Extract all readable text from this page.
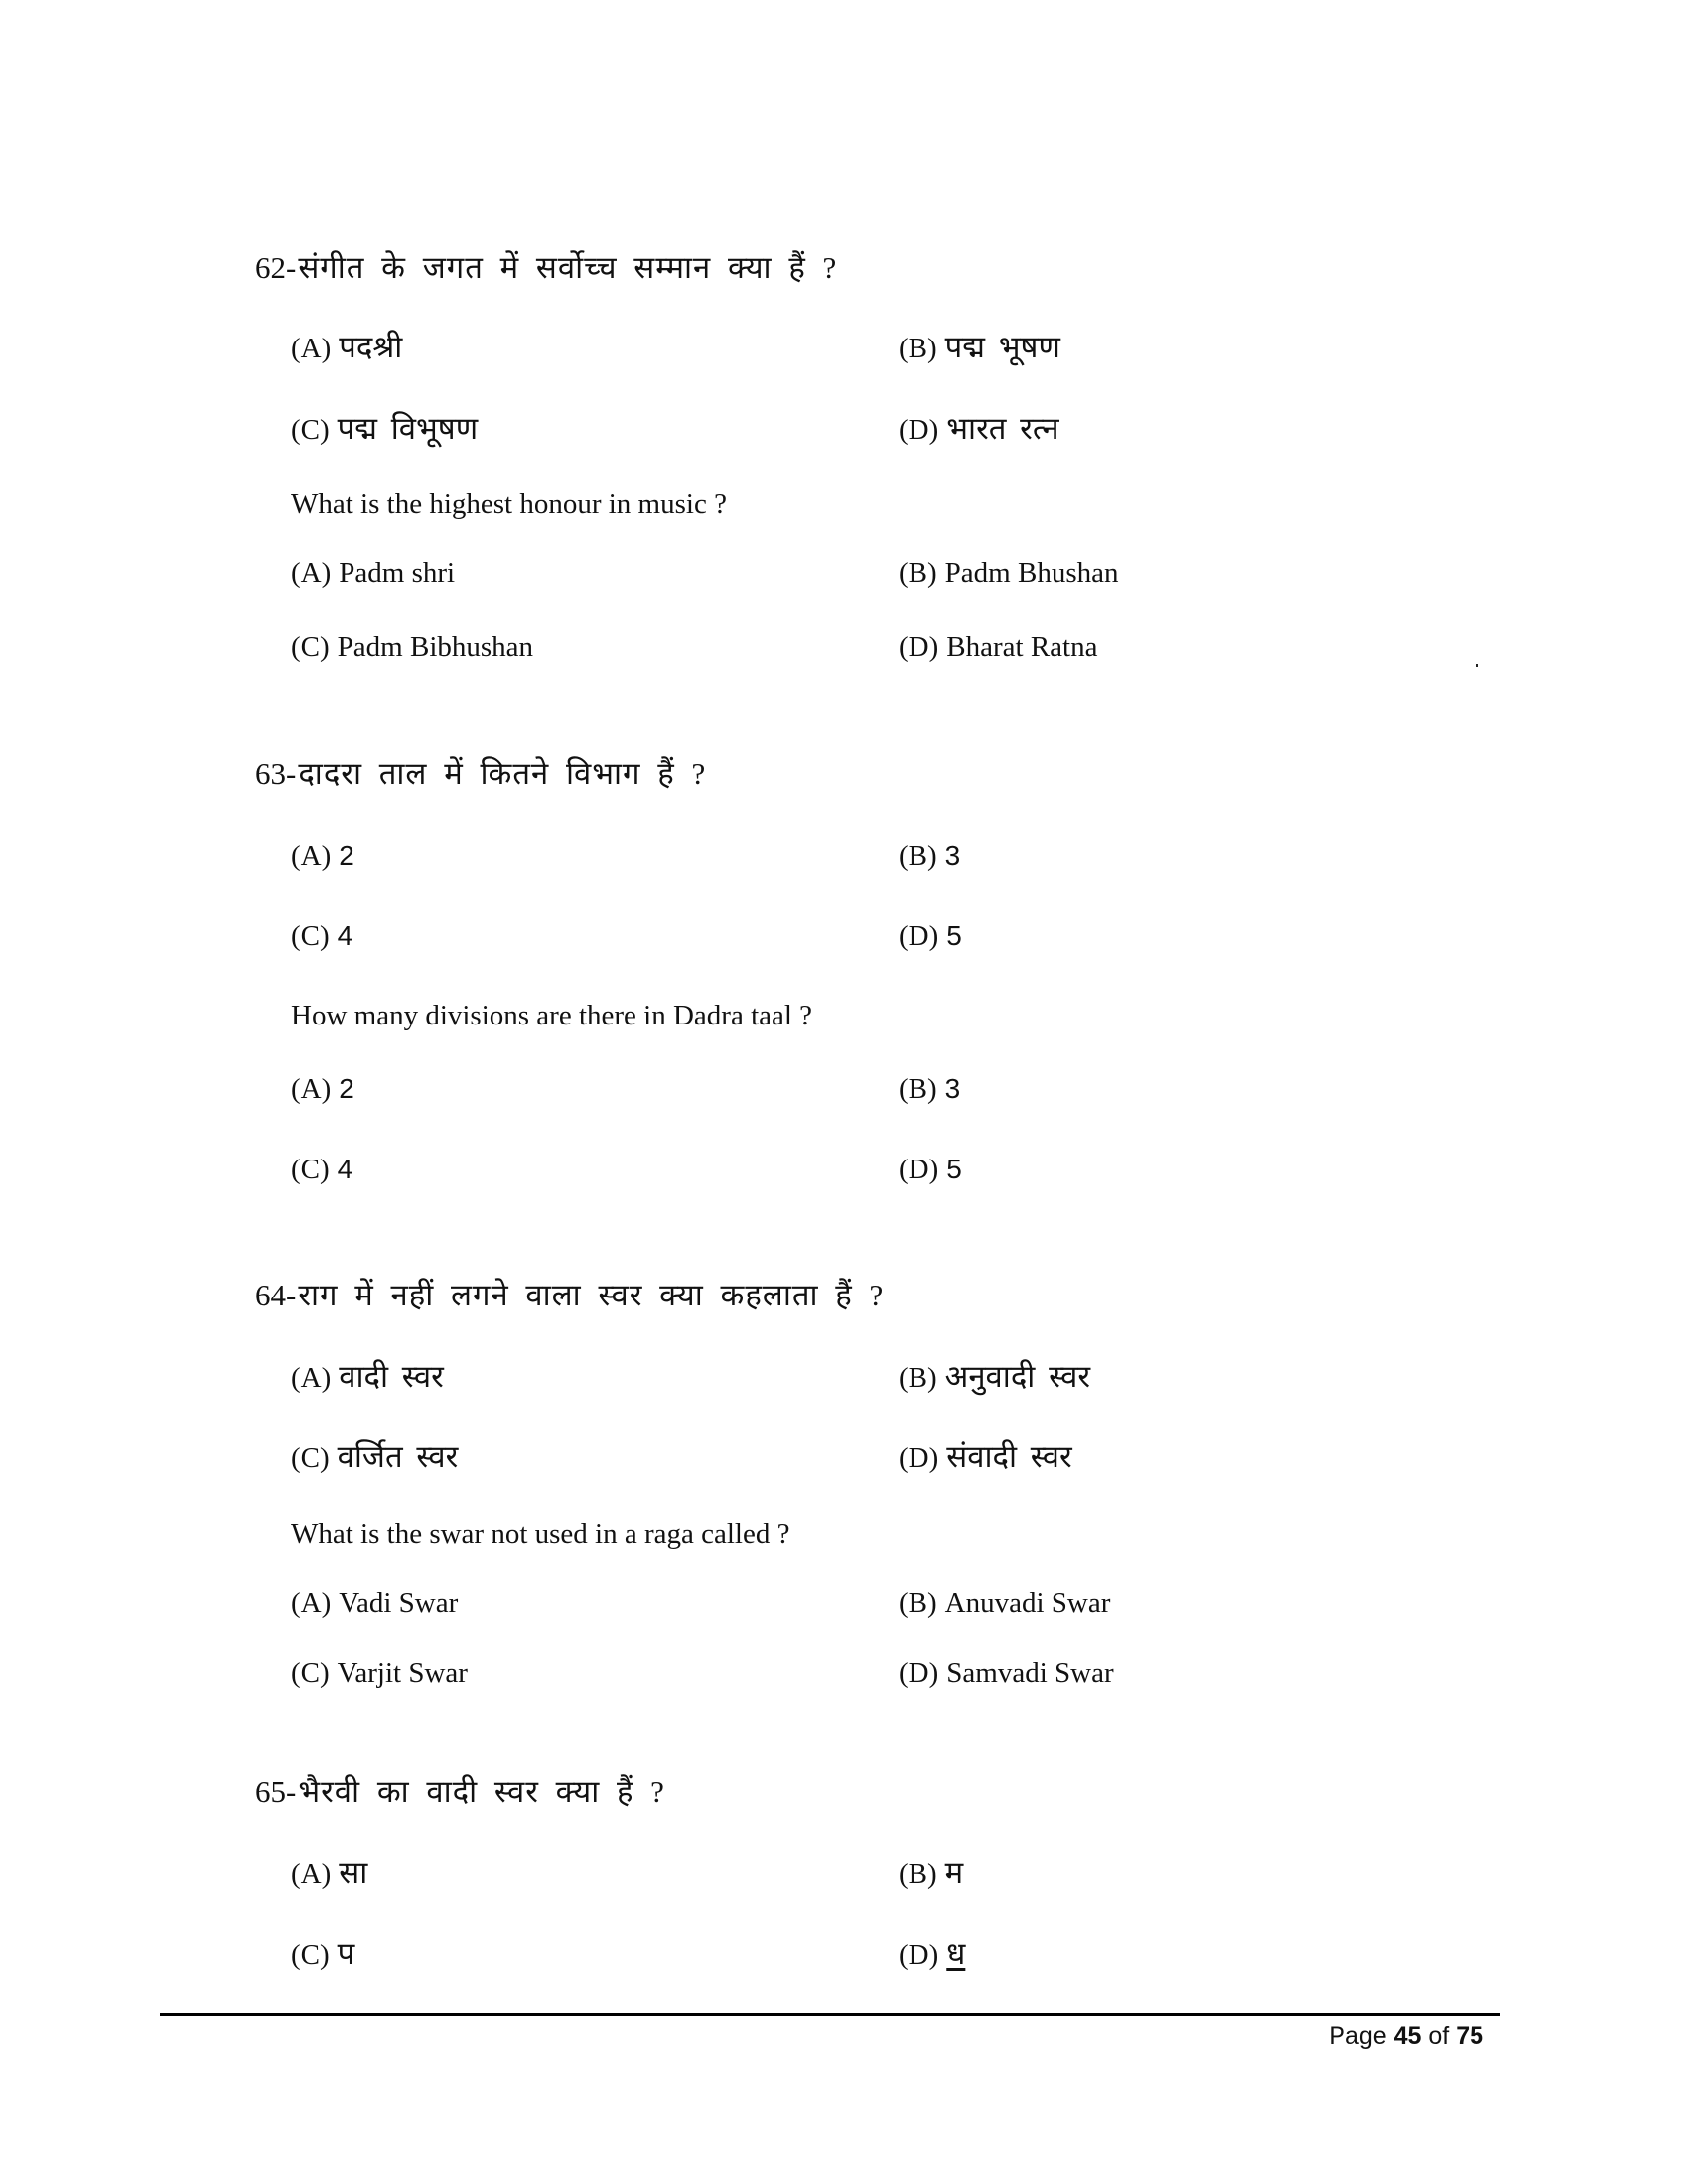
62-संगीत के जगत में सर्वोच्च सम्मान क्या हैं ?
(A) पदश्री	(B) पद्म भूषण
(C) पद्म विभूषण	(D) भारत रत्न
What is the highest honour in music ?
(A) Padm shri	(B) Padm Bhushan
(C) Padm Bibhushan	(D) Bharat Ratna
63-दादरा ताल में कितने विभाग हैं ?
(A) 2	(B) 3
(C) 4	(D) 5
How many divisions are there in Dadra taal ?
(A) 2	(B) 3
(C) 4	(D) 5
64-राग में नहीं लगने वाला स्वर क्या कहलाता हैं ?
(A) वादी स्वर	(B) अनुवादी स्वर
(C) वर्जित स्वर	(D) संवादी स्वर
What is the swar not used in a raga called ?
(A) Vadi Swar	(B) Anuvadi Swar
(C) Varjit Swar	(D) Samvadi Swar
65-भैरवी का वादी स्वर क्या हैं ?
(A) सा	(B) म
(C) प	(D) ध
Page 45 of 75
